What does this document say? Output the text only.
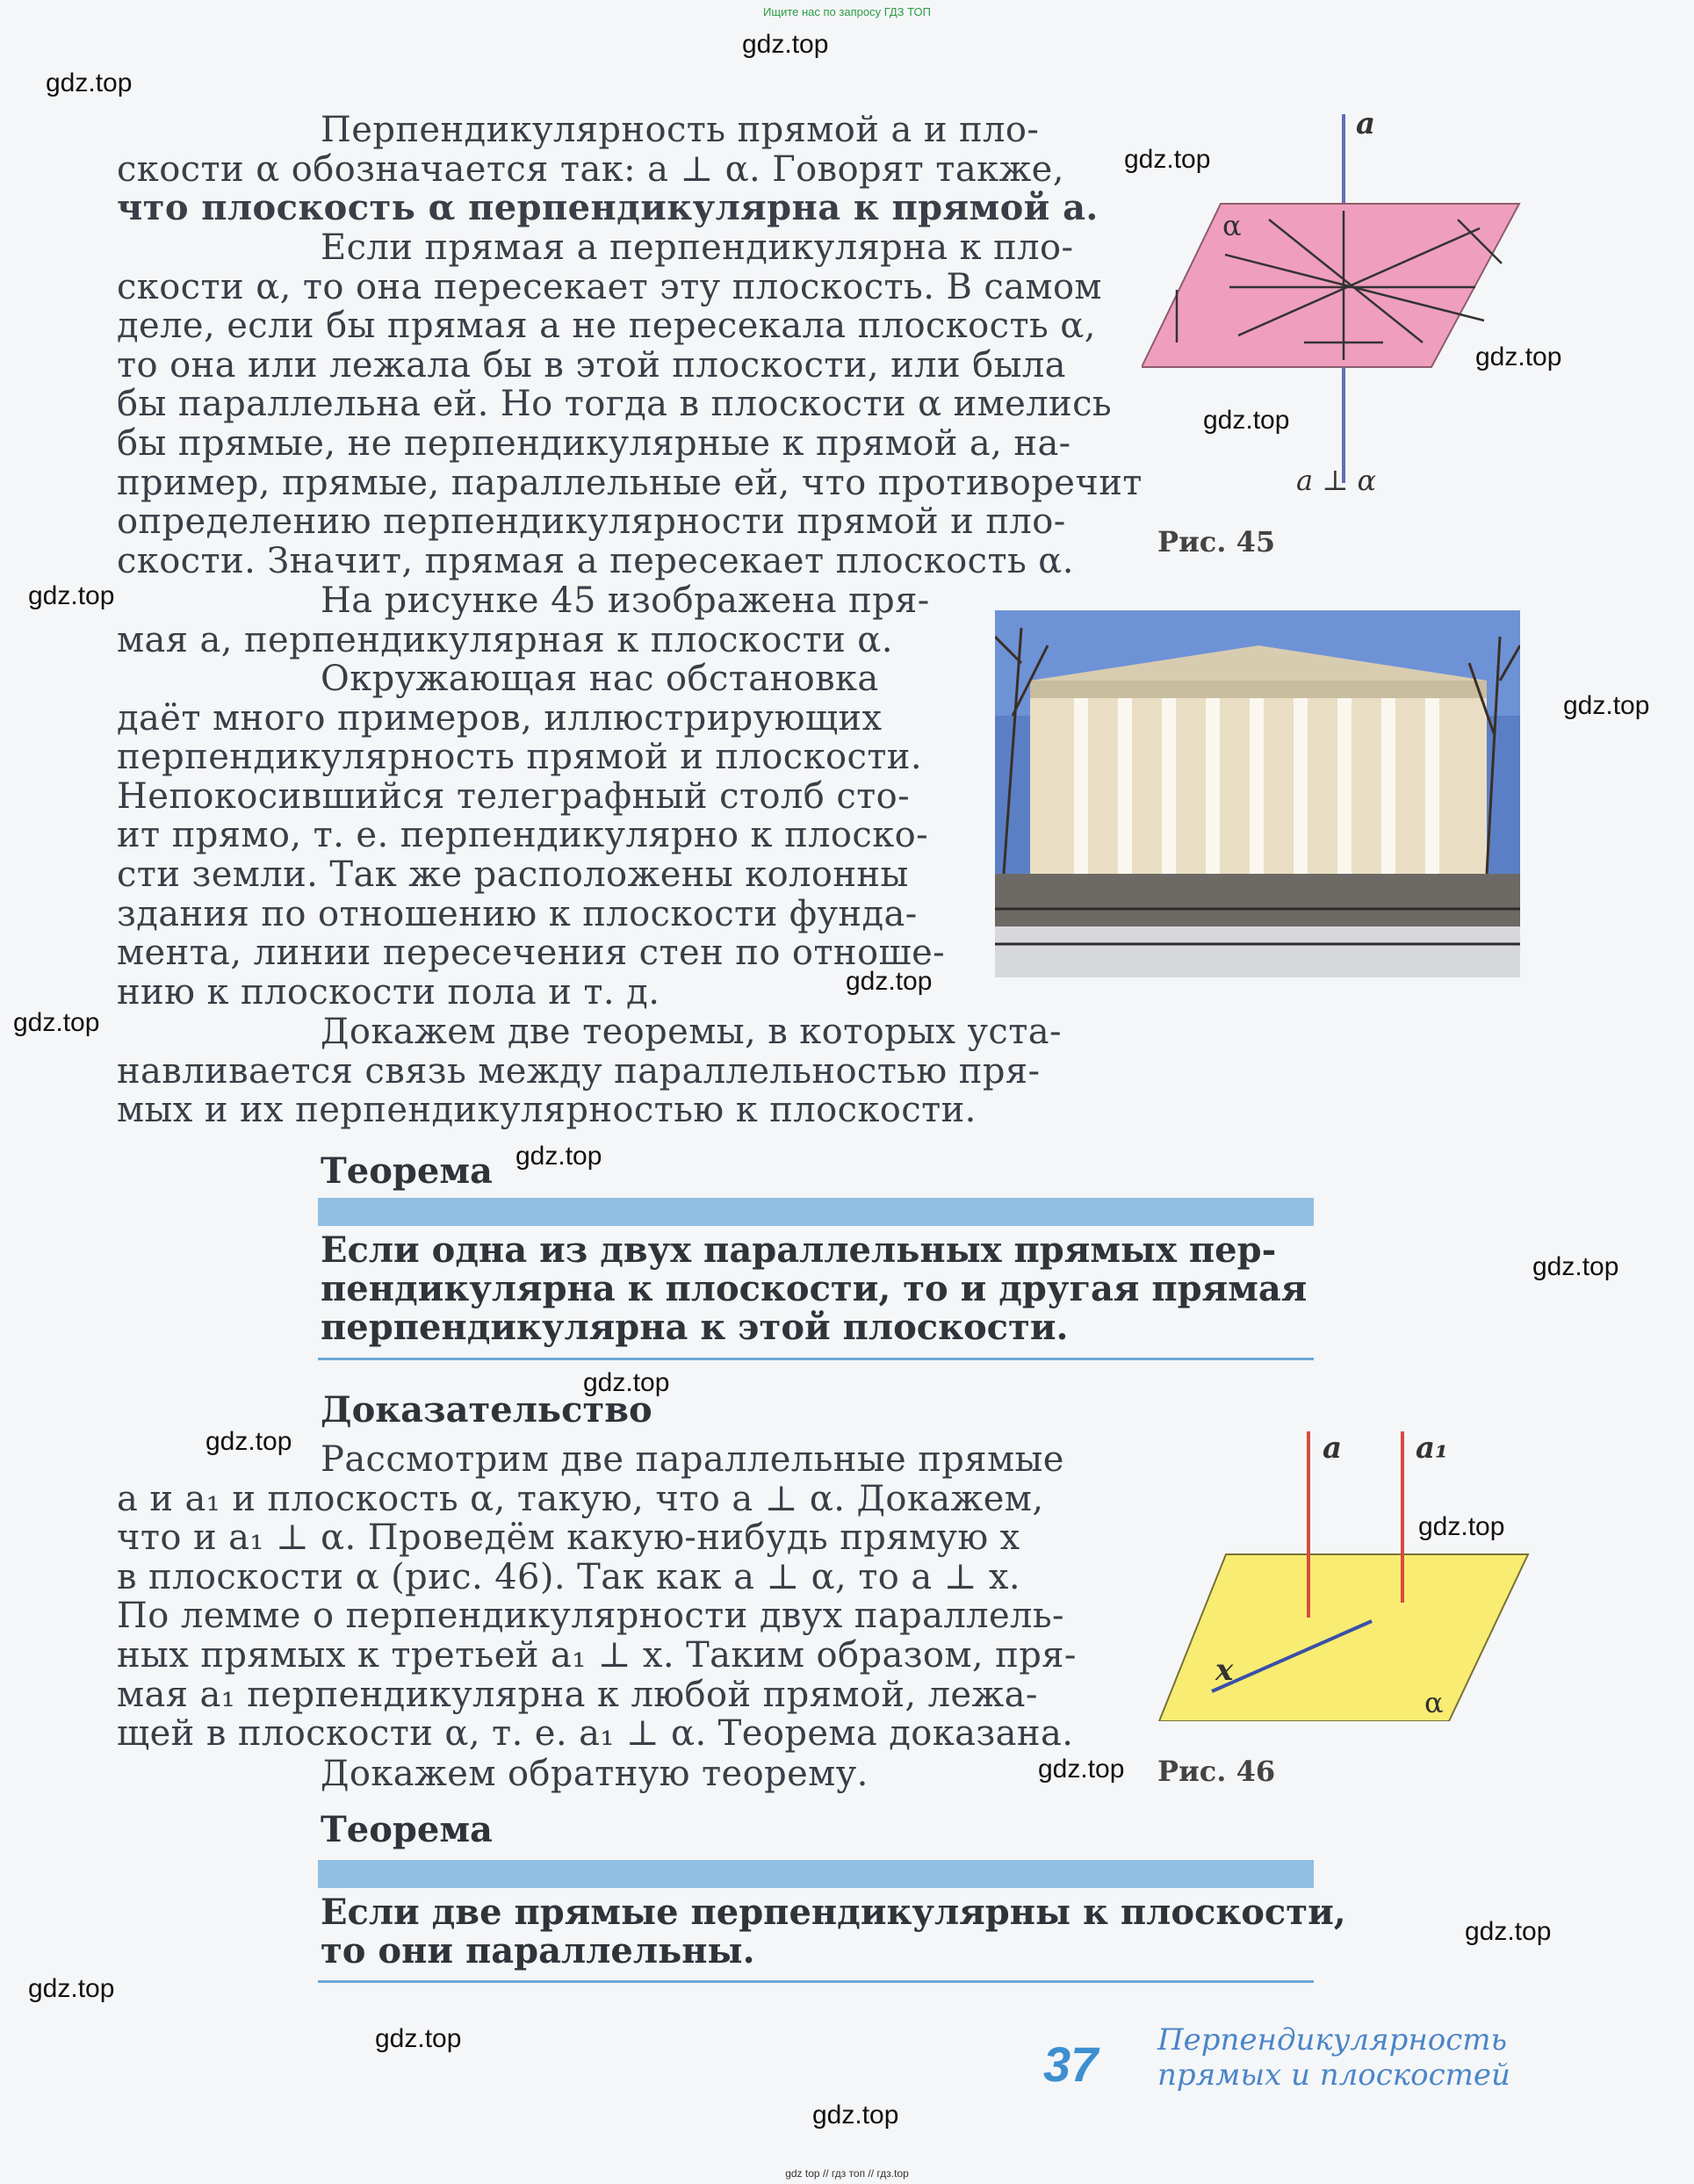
Ищите нас по запросу ГДЗ ТОП
Перпендикулярность прямой a и пло-
скости α обозначается так: a ⊥ α. Говорят также,
что плоскость α перпендикулярна к прямой a.
Если прямая a перпендикулярна к пло-
скости α, то она пересекает эту плоскость. В самом
деле, если бы прямая a не пересекала плоскость α,
то она или лежала бы в этой плоскости, или была
бы параллельна ей. Но тогда в плоскости α имелись
бы прямые, не перпендикулярные к прямой a, на-
пример, прямые, параллельные ей, что противоречит
определению перпендикулярности прямой и пло-
скости. Значит, прямая a пересекает плоскость α.
На рисунке 45 изображена пря-
мая a, перпендикулярная к плоскости α.
Окружающая нас обстановка
даёт много примеров, иллюстрирующих
перпендикулярность прямой и плоскости.
Непокосившийся телеграфный столб сто-
ит прямо, т. е. перпендикулярно к плоско-
сти земли. Так же расположены колонны
здания по отношению к плоскости фунда-
мента, линии пересечения стен по отноше-
нию к плоскости пола и т. д.
Докажем две теоремы, в которых уста-
навливается связь между параллельностью пря-
мых и их перпендикулярностью к плоскости.
Теорема
Если одна из двух параллельных прямых пер-
пендикулярна к плоскости, то и другая прямая
перпендикулярна к этой плоскости.
Доказательство
Рассмотрим две параллельные прямые
a и a₁ и плоскость α, такую, что a ⊥ α. Докажем,
что и a₁ ⊥ α. Проведём какую-нибудь прямую x
в плоскости α (рис. 46). Так как a ⊥ α, то a ⊥ x.
По лемме о перпендикулярности двух параллель-
ных прямых к третьей a₁ ⊥ x. Таким образом, пря-
мая a₁ перпендикулярна к любой прямой, лежа-
щей в плоскости α, т. е. a₁ ⊥ α. Теорема доказана.
Докажем обратную теорему.
Теорема
Если две прямые перпендикулярны к плоскости,
то они параллельны.
a
α
a ⊥ α
Рис. 45
a a₁
x
α
Рис. 46
37 Перпендикулярность
прямых и плоскостей
gdz.top
gdz.top
gdz.top
gdz.top
gdz.top
gdz.top
gdz.top
gdz.top
gdz.top
gdz.top
gdz.top
gdz.top
gdz.top
gdz.top
gdz.top
gdz.top
gdz.top
gdz.top
gdz.top
gdz top // гдз топ // гдз.top
